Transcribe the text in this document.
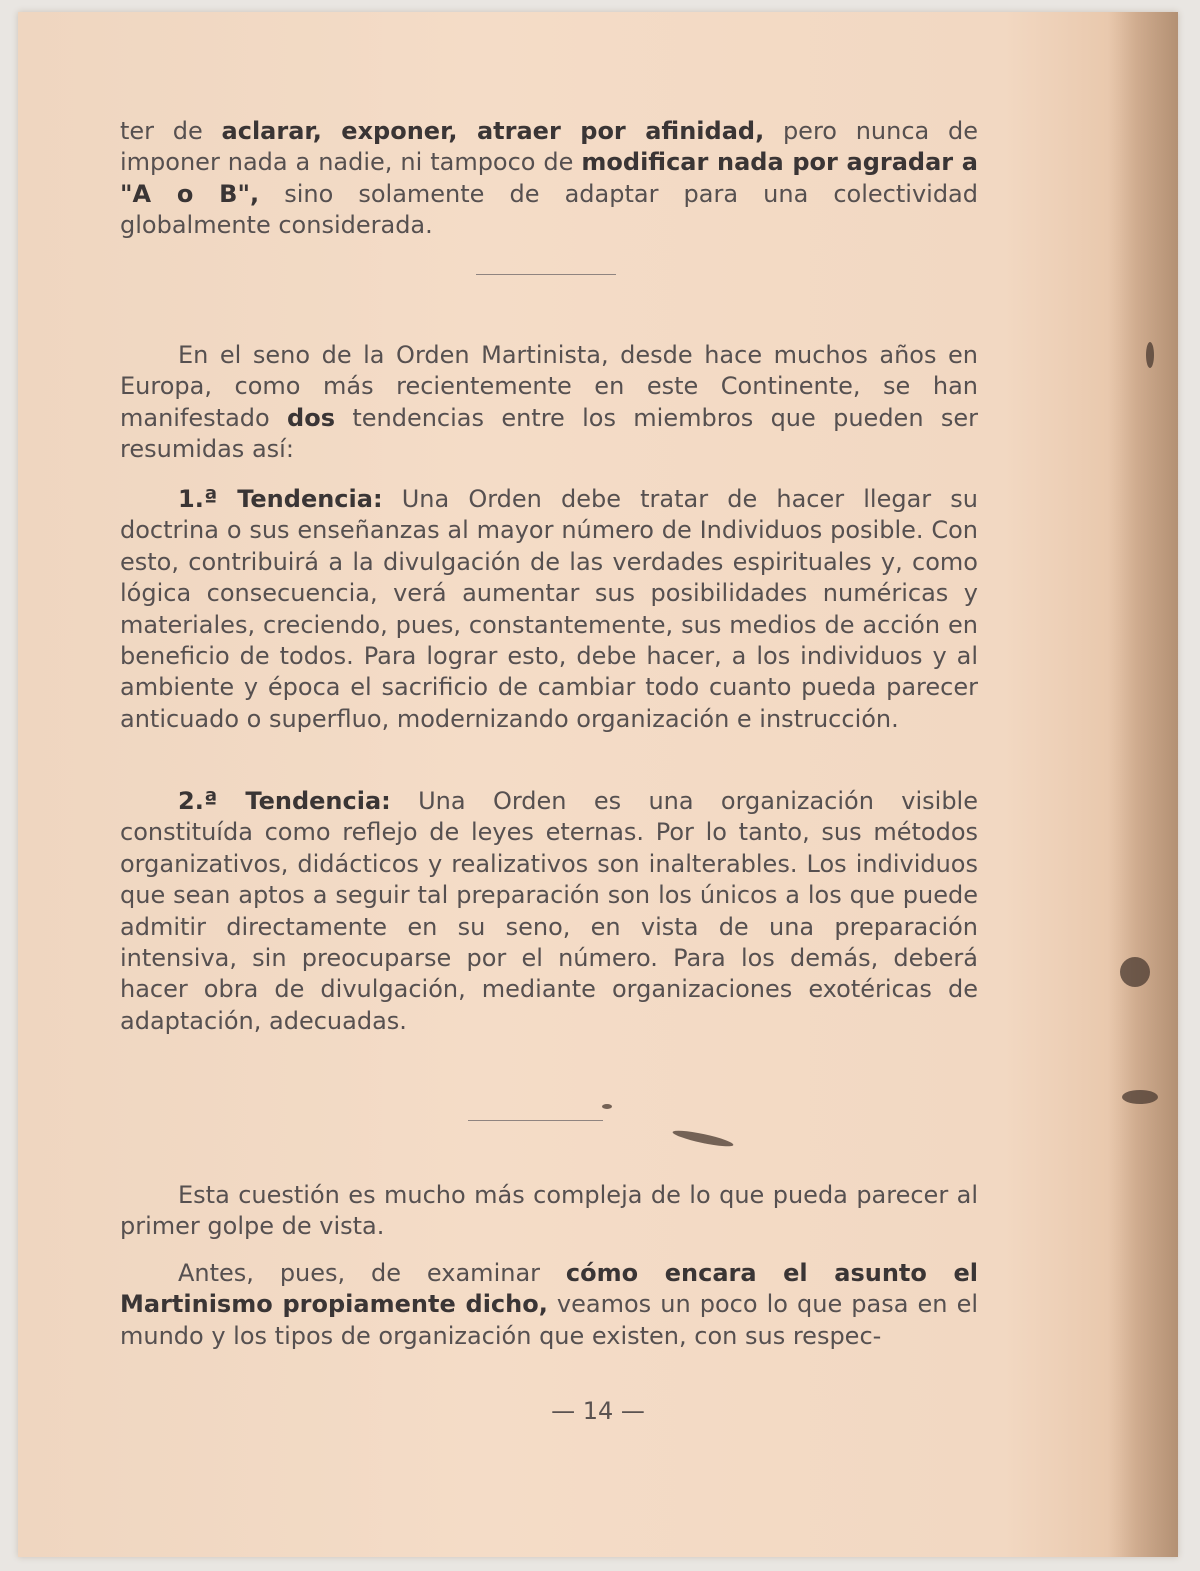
ter de aclarar, exponer, atraer por afinidad, pero nunca de imponer nada a nadie, ni tampoco de modificar nada por agradar a "A o B", sino solamente de adaptar para una colectividad globalmente considerada.

En el seno de la Orden Martinista, desde hace muchos años en Europa, como más recientemente en este Continente, se han manifestado dos tendencias entre los miembros que pueden ser resumidas así:

1.ª Tendencia: Una Orden debe tratar de hacer llegar su doctrina o sus enseñanzas al mayor número de Individuos posible. Con esto, contribuirá a la divulgación de las verdades espirituales y, como lógica consecuencia, verá aumentar sus posibilidades numéricas y materiales, creciendo, pues, constantemente, sus medios de acción en beneficio de todos. Para lograr esto, debe hacer, a los individuos y al ambiente y época el sacrificio de cambiar todo cuanto pueda parecer anticuado o superfluo, modernizando organización e instrucción.

2.ª Tendencia: Una Orden es una organización visible constituída como reflejo de leyes eternas. Por lo tanto, sus métodos organizativos, didácticos y realizativos son inalterables. Los individuos que sean aptos a seguir tal preparación son los únicos a los que puede admitir directamente en su seno, en vista de una preparación intensiva, sin preocuparse por el número. Para los demás, deberá hacer obra de divulgación, mediante organizaciones exotéricas de adaptación, adecuadas.

Esta cuestión es mucho más compleja de lo que pueda parecer al primer golpe de vista.

Antes, pues, de examinar cómo encara el asunto el Martinismo propiamente dicho, veamos un poco lo que pasa en el mundo y los tipos de organización que existen, con sus respec-

— 14 —
